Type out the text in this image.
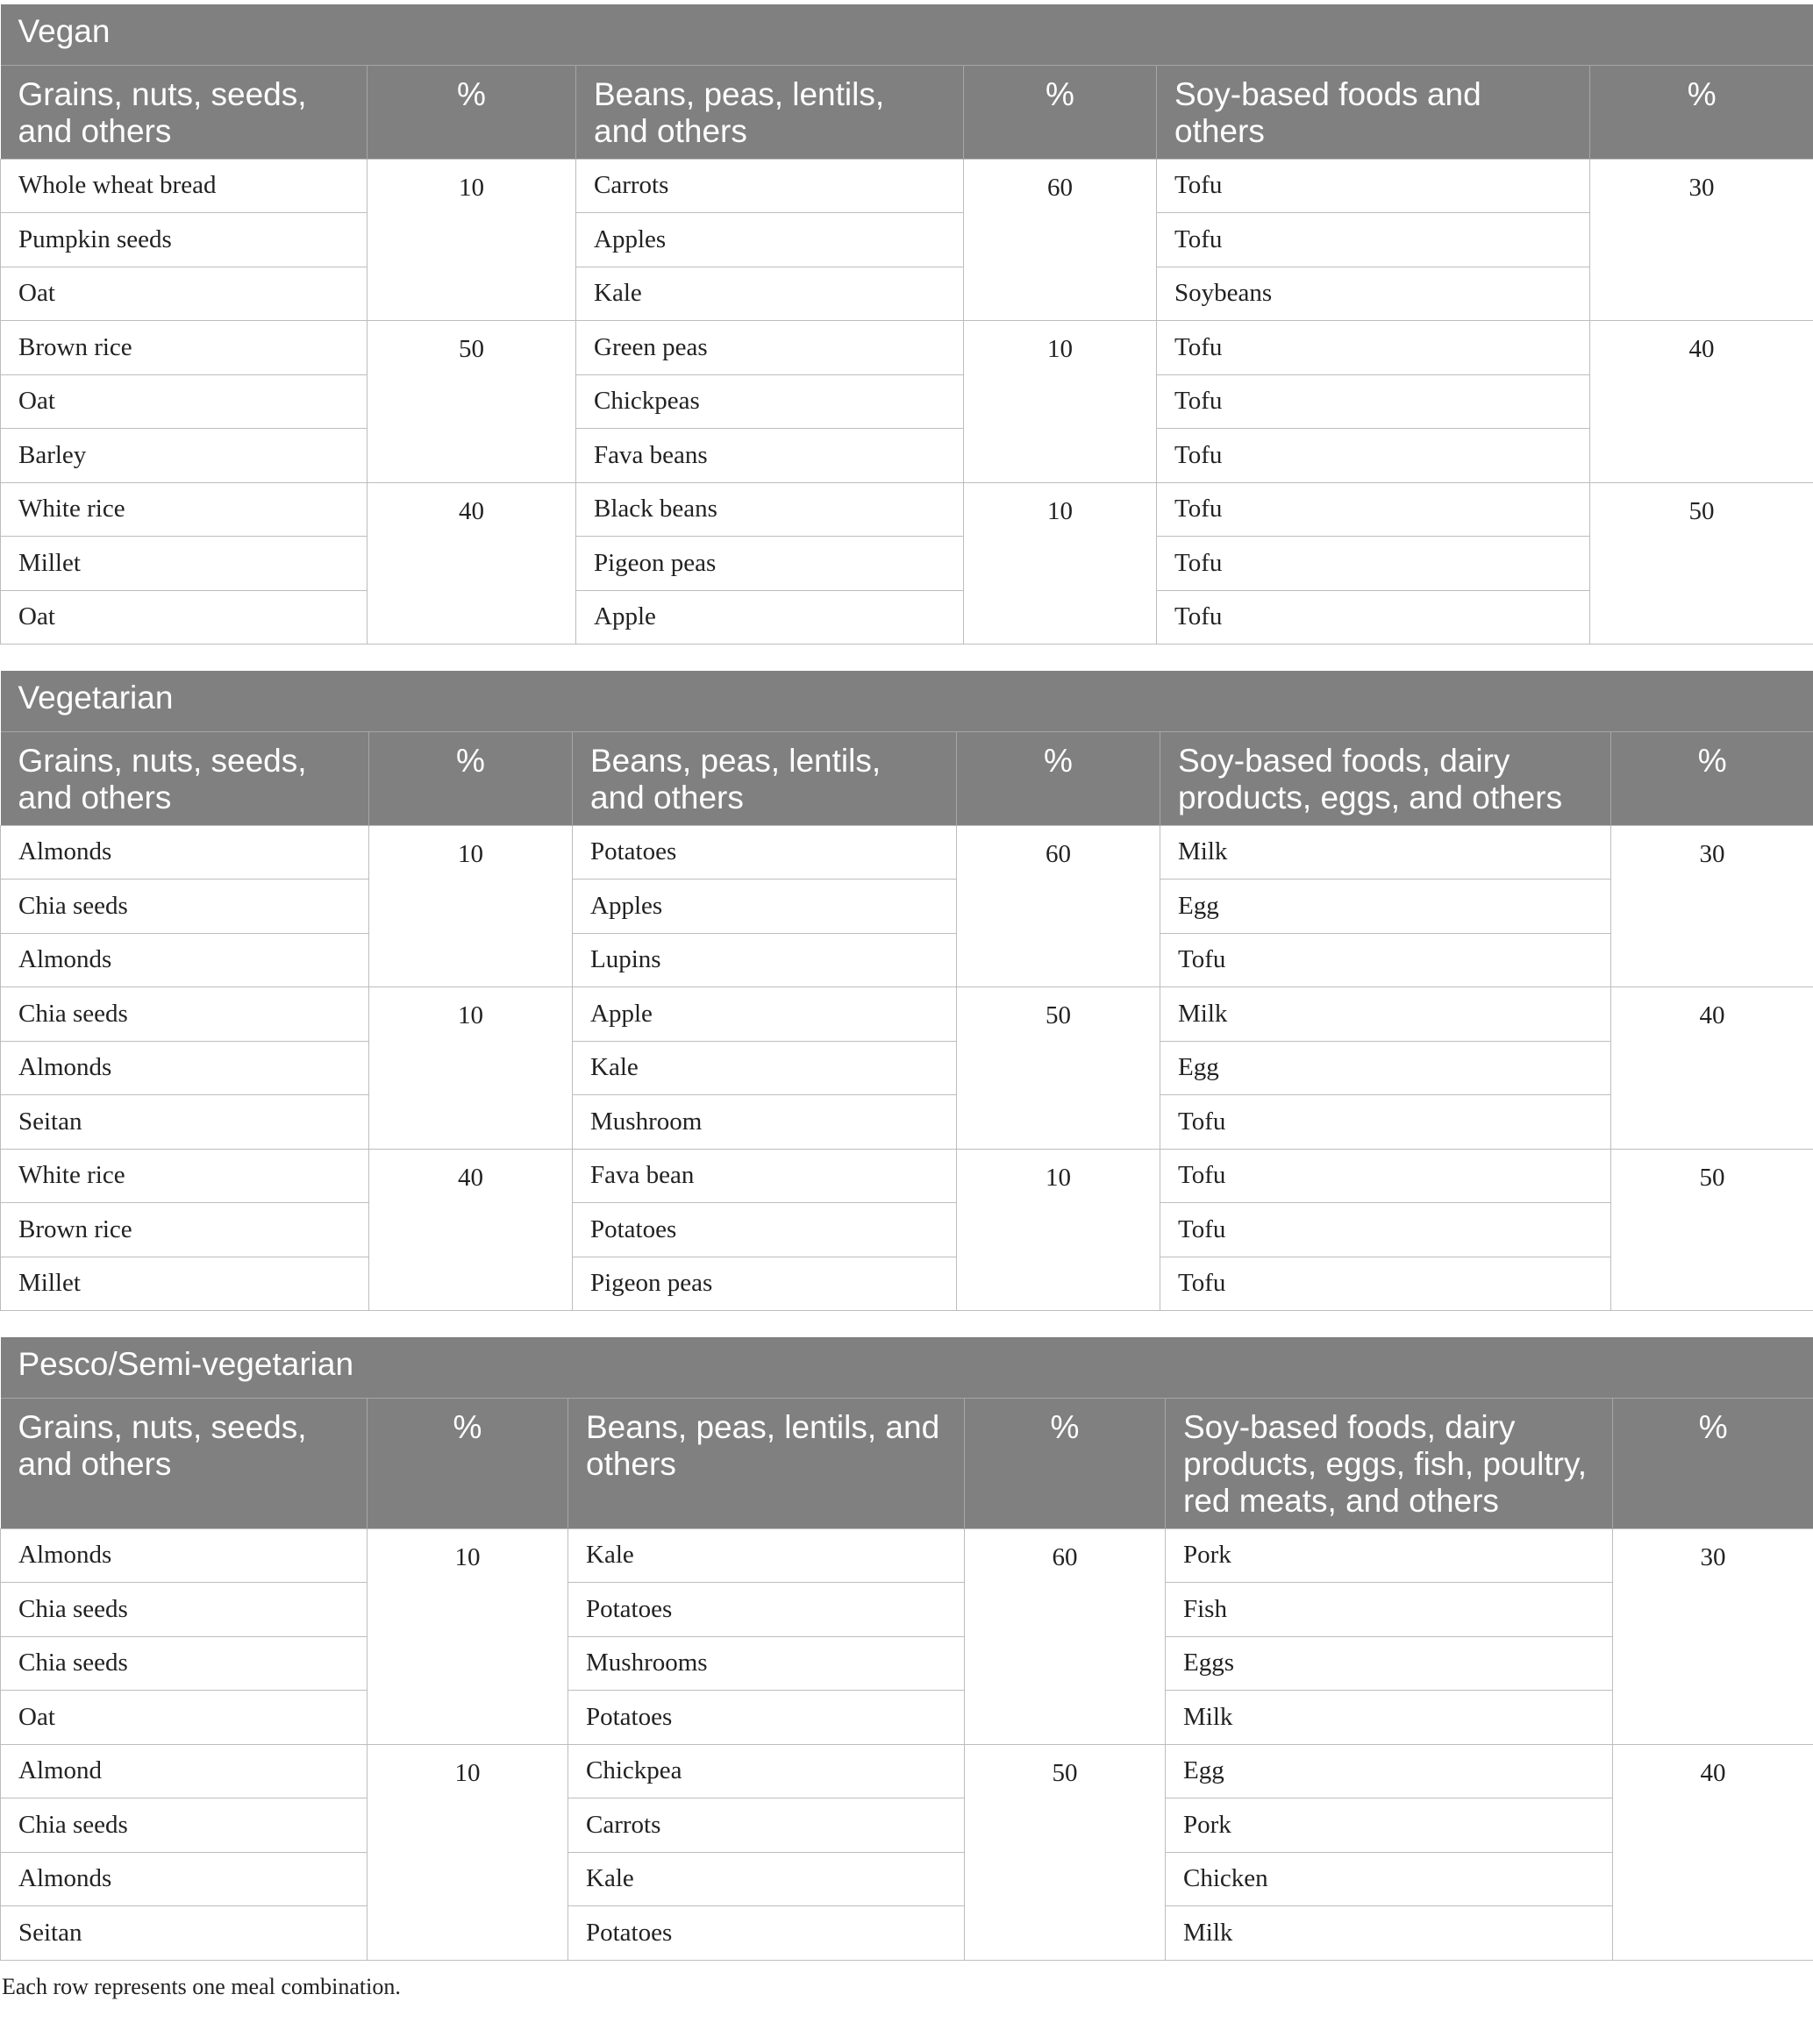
Vegan					
Grains, nuts, seeds, and others	%	Beans, peas, lentils, and others	%	Soy-based foods and others	%
Whole wheat bread	10	Carrots	60	Tofu	30
Pumpkin seeds		Apples		Tofu	
Oat		Kale		Soybeans	
Brown rice	50	Green peas	10	Tofu	40
Oat		Chickpeas		Tofu	
Barley		Fava beans		Tofu	
White rice	40	Black beans	10	Tofu	50
Millet		Pigeon peas		Tofu	
Oat		Apple		Tofu	
Vegetarian					
Grains, nuts, seeds, and others	%	Beans, peas, lentils, and others	%	Soy-based foods, dairy products, eggs, and others	%
Almonds	10	Potatoes	60	Milk	30
Chia seeds		Apples		Egg	
Almonds		Lupins		Tofu	
Chia seeds	10	Apple	50	Milk	40
Almonds		Kale		Egg	
Seitan		Mushroom		Tofu	
White rice	40	Fava bean	10	Tofu	50
Brown rice		Potatoes		Tofu	
Millet		Pigeon peas		Tofu	
Pesco/Semi-vegetarian					
Grains, nuts, seeds, and others	%	Beans, peas, lentils, and others	%	Soy-based foods, dairy products, eggs, fish, poultry, red meats, and others	%
Almonds	10	Kale	60	Pork	30
Chia seeds		Potatoes		Fish	
Chia seeds		Mushrooms		Eggs	
Oat		Potatoes		Milk	
Almond	10	Chickpea	50	Egg	40
Chia seeds		Carrots		Pork	
Almonds		Kale		Chicken	
Seitan		Potatoes		Milk	
Each row represents one meal combination.
